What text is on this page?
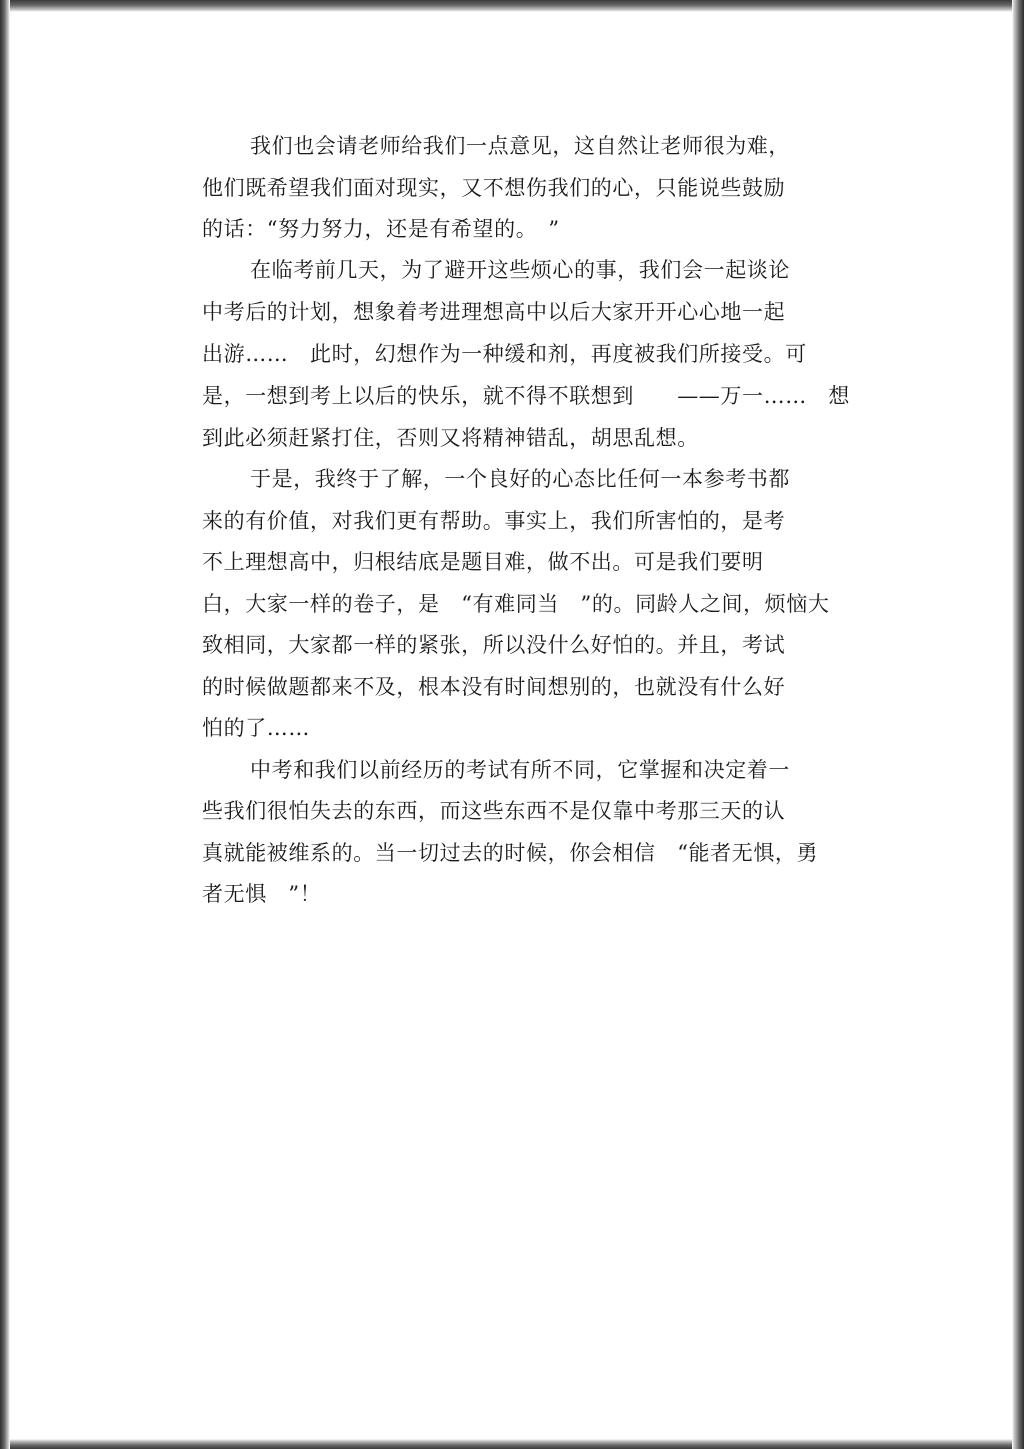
我们也会请老师给我们一点意见，这自然让老师很为难，

他们既希望我们面对现实，又不想伤我们的心，只能说些鼓励

的话：“努力努力，还是有希望的。　”

在临考前几天，为了避开这些烦心的事，我们会一起谈论

中考后的计划，想象着考进理想高中以后大家开开心心地一起

出游……　此时，幻想作为一种缓和剂，再度被我们所接受。可

是，一想到考上以后的快乐，就不得不联想到　　——万一……　想

到此必须赶紧打住，否则又将精神错乱，胡思乱想。

于是，我终于了解，一个良好的心态比任何一本参考书都

来的有价值，对我们更有帮助。事实上，我们所害怕的，是考

不上理想高中，归根结底是题目难，做不出。可是我们要明

白，大家一样的卷子，是　“有难同当　”的。同龄人之间，烦恼大

致相同，大家都一样的紧张，所以没什么好怕的。并且，考试

的时候做题都来不及，根本没有时间想别的，也就没有什么好

怕的了……

中考和我们以前经历的考试有所不同，它掌握和决定着一

些我们很怕失去的东西，而这些东西不是仅靠中考那三天的认

真就能被维系的。当一切过去的时候，你会相信　“能者无惧，勇

者无惧　”！
